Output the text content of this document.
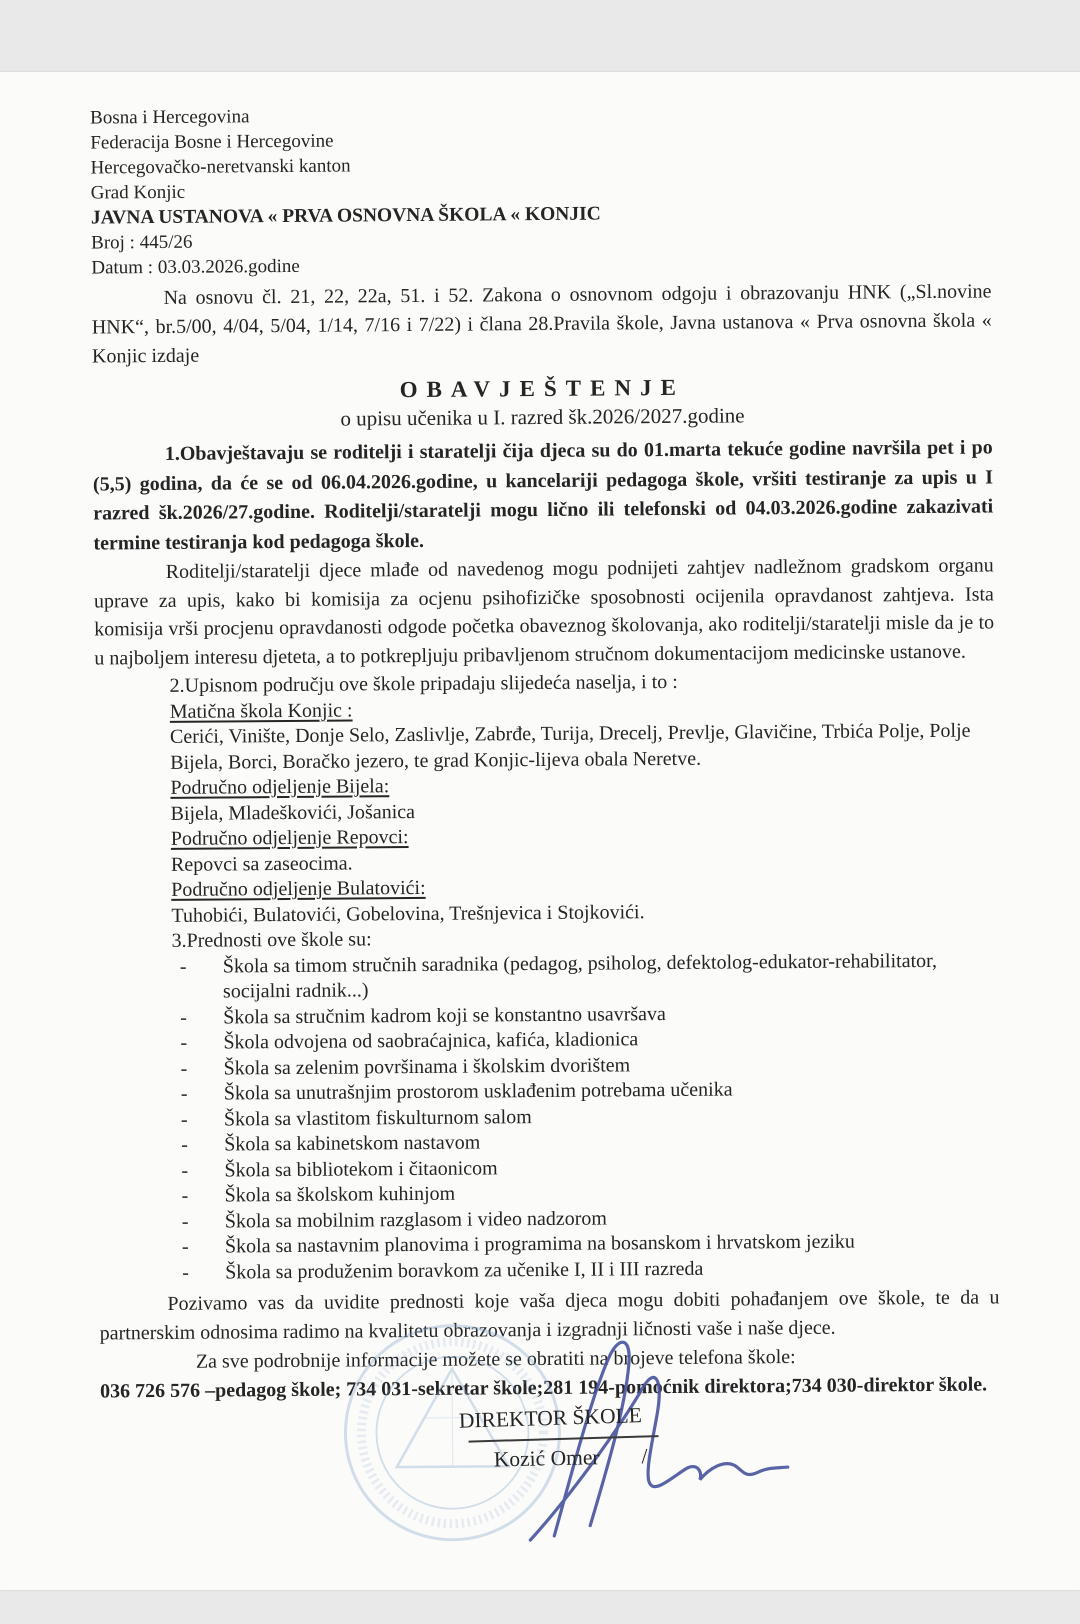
Bosna i Hercegovina
Federacija Bosne i Hercegovine
Hercegovačko-neretvanski kanton
Grad Konjic
JAVNA USTANOVA « PRVA OSNOVNA ŠKOLA « KONJIC
Broj : 445/26
Datum : 03.03.2026.godine

Na osnovu čl. 21, 22, 22a, 51. i 52. Zakona o osnovnom odgoju i obrazovanju HNK („Sl.novine HNK“, br.5/00, 4/04, 5/04, 1/14, 7/16 i 7/22) i člana 28.Pravila škole, Javna ustanova « Prva osnovna škola « Konjic izdaje

OBAVJEŠTENJE
o upisu učenika u I. razred šk.2026/2027.godine

1.Obavještavaju se roditelji i staratelji čija djeca su do 01.marta tekuće godine navršila pet i po (5,5) godina, da će se od 06.04.2026.godine, u kancelariji pedagoga škole, vršiti testiranje za upis u I razred šk.2026/27.godine. Roditelji/staratelji mogu lično ili telefonski od 04.03.2026.godine zakazivati termine testiranja kod pedagoga škole.

Roditelji/staratelji djece mlađe od navedenog mogu podnijeti zahtjev nadležnom gradskom organu uprave za upis, kako bi komisija za ocjenu psihofizičke sposobnosti ocijenila opravdanost zahtjeva. Ista komisija vrši procjenu opravdanosti odgode početka obaveznog školovanja, ako roditelji/staratelji misle da je to u najboljem interesu djeteta, a to potkrepljuju pribavljenom stručnom dokumentacijom medicinske ustanove.

2.Upisnom području ove škole pripadaju slijedeća naselja, i to :
Matična škola Konjic :
Cerići, Vinište, Donje Selo, Zaslivlje, Zabrđe, Turija, Drecelj, Prevlje, Glavičine, Trbića Polje, Polje Bijela, Borci, Boračko jezero, te grad Konjic-lijeva obala Neretve.
Područno odjeljenje Bijela:
Bijela, Mladeškovići, Jošanica
Područno odjeljenje Repovci:
Repovci sa zaseocima.
Područno odjeljenje Bulatovići:
Tuhobići, Bulatovići, Gobelovina, Trešnjevica i Stojkovići.
3.Prednosti ove škole su:
-	Škola sa timom stručnih saradnika (pedagog, psiholog, defektolog-edukator-rehabilitator, socijalni radnik...)
-	Škola sa stručnim kadrom koji se konstantno usavršava
-	Škola odvojena od saobraćajnica, kafića, kladionica
-	Škola sa zelenim površinama i školskim dvorištem
-	Škola sa unutrašnjim prostorom usklađenim potrebama učenika
-	Škola sa vlastitom fiskulturnom salom
-	Škola sa kabinetskom nastavom
-	Škola sa bibliotekom i čitaonicom
-	Škola sa školskom kuhinjom
-	Škola sa mobilnim razglasom i video nadzorom
-	Škola sa nastavnim planovima i programima na bosanskom i hrvatskom jeziku
-	Škola sa produženim boravkom za učenike I, II i III razreda

Pozivamo vas da uvidite prednosti koje vaša djeca mogu dobiti pohađanjem ove škole, te da u partnerskim odnosima radimo na kvalitetu obrazovanja i izgradnji ličnosti vaše i naše djece.

Za sve podrobnije informacije možete se obratiti na brojeve telefona škole:

036 726 576 –pedagog škole; 734 031-sekretar škole;281 194-pomoćnik direktora;734 030-direktor škole.

DIREKTOR ŠKOLE
Kozić Omer /
